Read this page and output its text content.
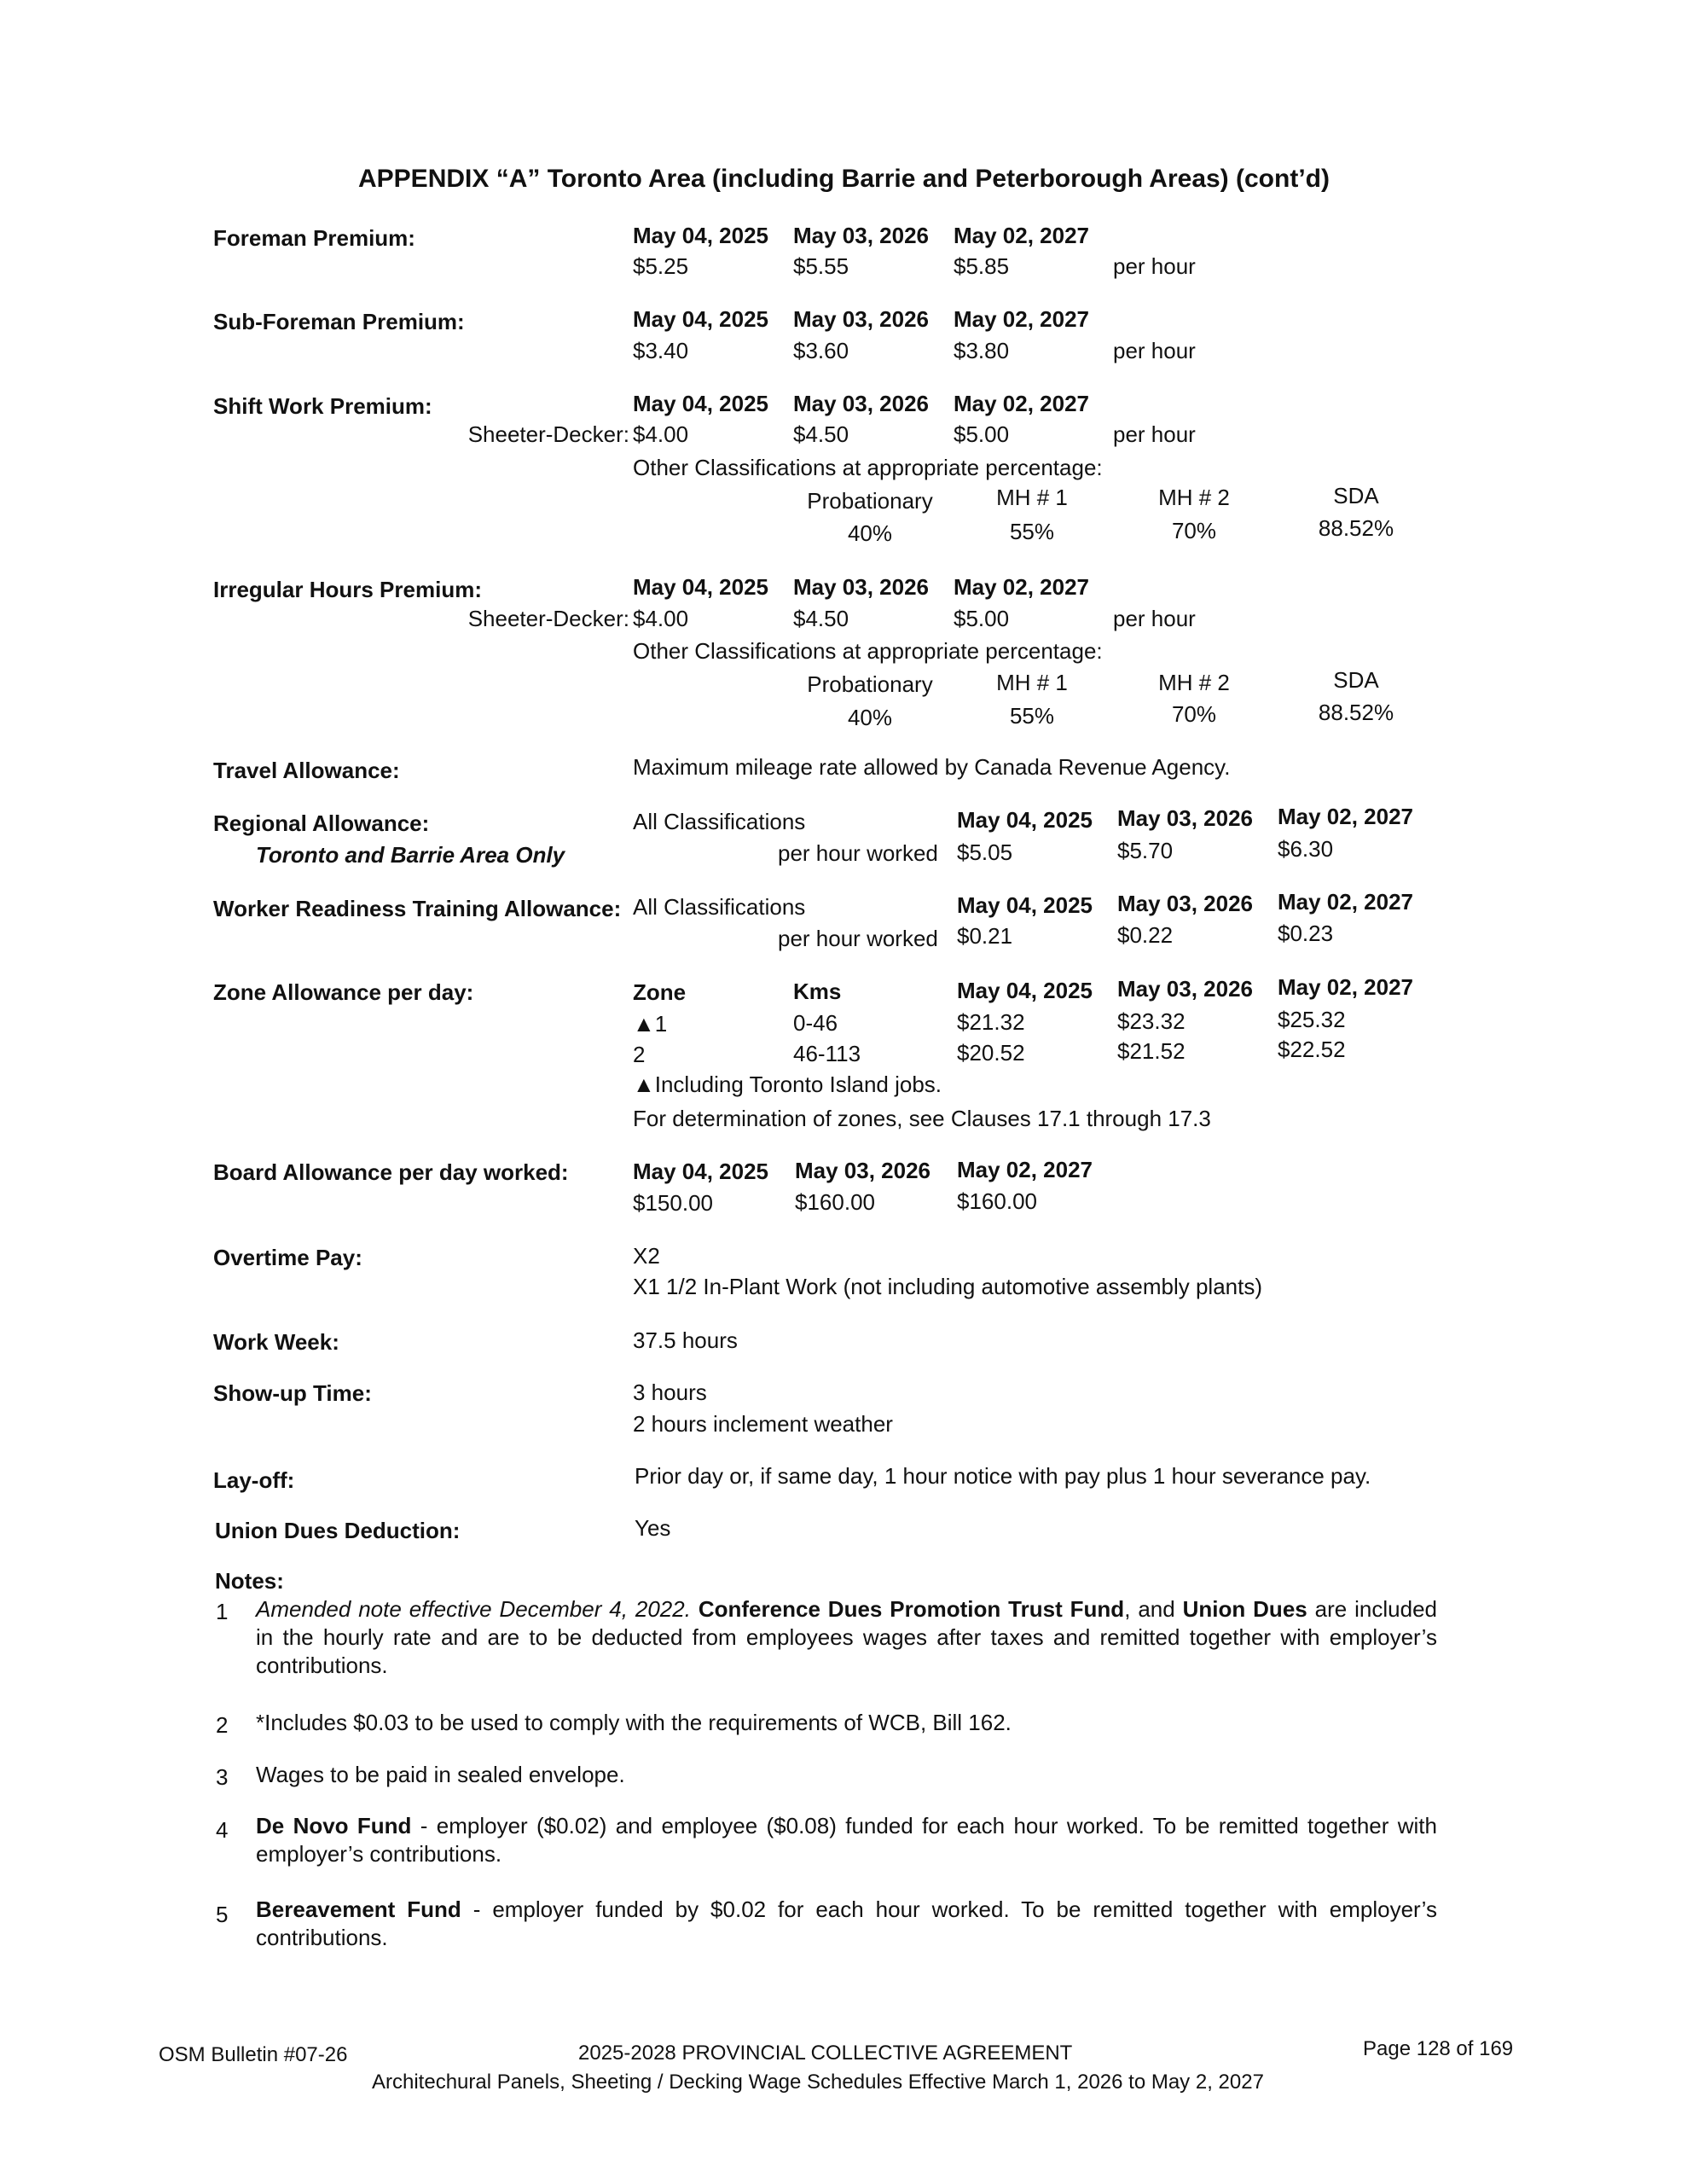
APPENDIX “A” Toronto Area (including Barrie and Peterborough Areas) (cont’d)
Foreman Premium:	May 04, 2025 May 03, 2026 May 02, 2027
$5.25	$5.55	$5.85	per hour
Sub-Foreman Premium:	May 04, 2025 May 03, 2026 May 02, 2027
$3.40	$3.60	$3.80	per hour
Shift Work Premium:	May 04, 2025 May 03, 2026 May 02, 2027
Sheeter-Decker: $4.00	$4.50	$5.00	per hour
Other Classifications at appropriate percentage:
Probationary	MH # 1	MH # 2	SDA
40%	55%	70%	88.52%
Irregular Hours Premium:	May 04, 2025 May 03, 2026 May 02, 2027
Sheeter-Decker: $4.00	$4.50	$5.00	per hour
Other Classifications at appropriate percentage:
Probationary	MH # 1	MH # 2	SDA
40%	55%	70%	88.52%
Travel Allowance:	Maximum mileage rate allowed by Canada Revenue Agency.
Regional Allowance:
Toronto and Barrie Area Only
All Classifications
per hour worked
May 04, 2025 May 03, 2026 May 02, 2027
$5.05	$5.70	$6.30
Worker Readiness Training Allowance: All Classifications
per hour worked
May 04, 2025 May 03, 2026 May 02, 2027
$0.21	$0.22	$0.23
Zone Allowance per day:	Zone	Kms	May 04, 2025 May 03, 2026 May 02, 2027
▲1	0-46	$21.32	$23.32	$25.32
2	46-113	$20.52	$21.52	$22.52
▲Including Toronto Island jobs.
For determination of zones, see Clauses 17.1 through 17.3
Board Allowance per day worked:	May 04, 2025 May 03, 2026 May 02, 2027
$150.00	$160.00	$160.00
Overtime Pay:	X2
X1 1/2 In-Plant Work (not including automotive assembly plants)
Work Week:	37.5 hours
Show-up Time:	3 hours
2 hours inclement weather
Lay-off:	Prior day or, if same day, 1 hour notice with pay plus 1 hour severance pay.
Union Dues Deduction:	Yes
Notes:
1 Amended note effective December 4, 2022. Conference Dues Promotion Trust Fund, and Union Dues are included in the hourly rate and are to be deducted from employees wages after taxes and remitted together with employer’s contributions.
2 *Includes $0.03 to be used to comply with the requirements of WCB, Bill 162.
3 Wages to be paid in sealed envelope.
4 De Novo Fund - employer ($0.02) and employee ($0.08) funded for each hour worked. To be remitted together with employer’s contributions.
5 Bereavement Fund - employer funded by $0.02 for each hour worked. To be remitted together with employer’s contributions.
OSM Bulletin #07-26	2025-2028 PROVINCIAL COLLECTIVE AGREEMENT	Page 128 of 169
Architechural Panels, Sheeting / Decking Wage Schedules Effective March 1, 2026 to May 2, 2027
